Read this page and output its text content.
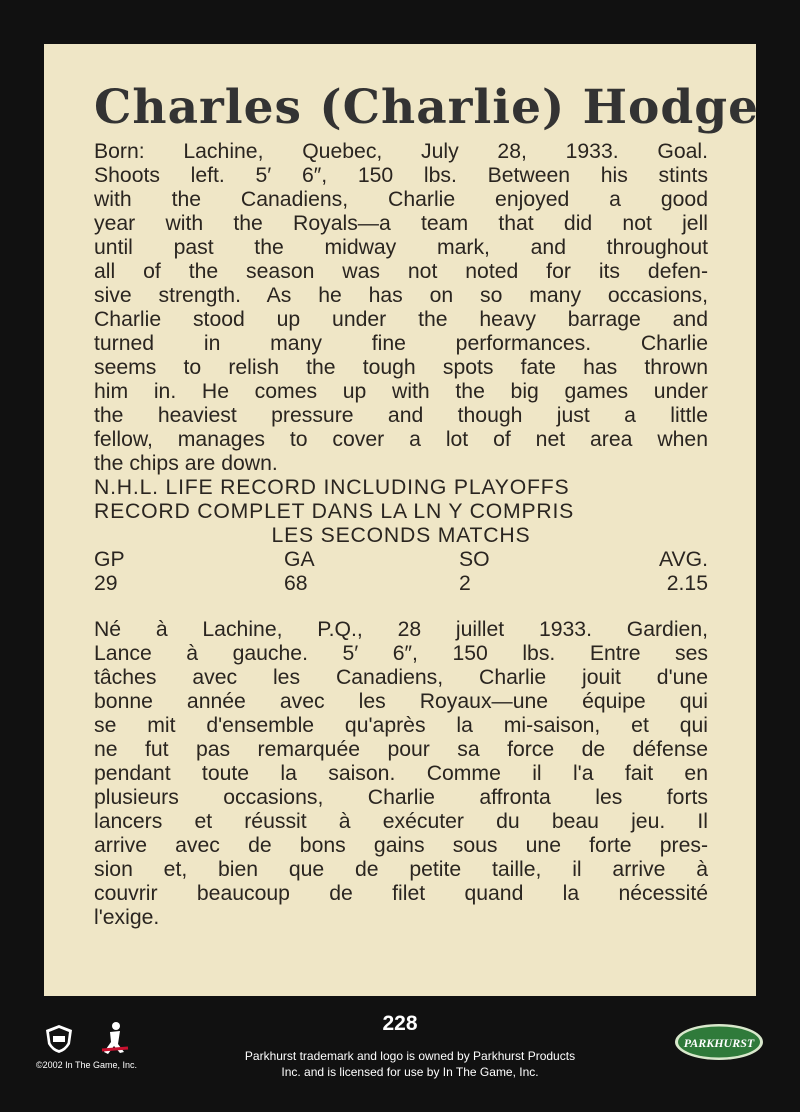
Charles (Charlie) Hodge

Born: Lachine, Quebec, July 28, 1933. Goal.

Shoots left. 5′ 6″, 150 lbs. Between his stints

with the Canadiens, Charlie enjoyed a good

year with the Royals—a team that did not jell

until past the midway mark, and throughout

all of the season was not noted for its defen-

sive strength. As he has on so many occasions,

Charlie stood up under the heavy barrage and

turned in many fine performances. Charlie

seems to relish the tough spots fate has thrown

him in. He comes up with the big games under

the heaviest pressure and though just a little

fellow, manages to cover a lot of net area when

the chips are down.

N.H.L. LIFE RECORD INCLUDING PLAYOFFS

RECORD COMPLET DANS LA LN Y COMPRIS

LES SECONDS MATCHS

GP	GA	SO	AVG.
29	68	2	2.15

Né à Lachine, P.Q., 28 juillet 1933. Gardien,

Lance à gauche. 5′ 6″, 150 lbs. Entre ses

tâches avec les Canadiens, Charlie jouit d'une

bonne année avec les Royaux—une équipe qui

se mit d'ensemble qu'après la mi-saison, et qui

ne fut pas remarquée pour sa force de défense

pendant toute la saison. Comme il l'a fait en

plusieurs occasions, Charlie affronta les forts

lancers et réussit à exécuter du beau jeu. Il

arrive avec de bons gains sous une forte pres-

sion et, bien que de petite taille, il arrive à

couvrir beaucoup de filet quand la nécessité

l'exige.

©2002 In The Game, Inc.
228
Parkhurst trademark and logo is owned by Parkhurst Products
Inc. and is licensed for use by In The Game, Inc.
PARKHURST
